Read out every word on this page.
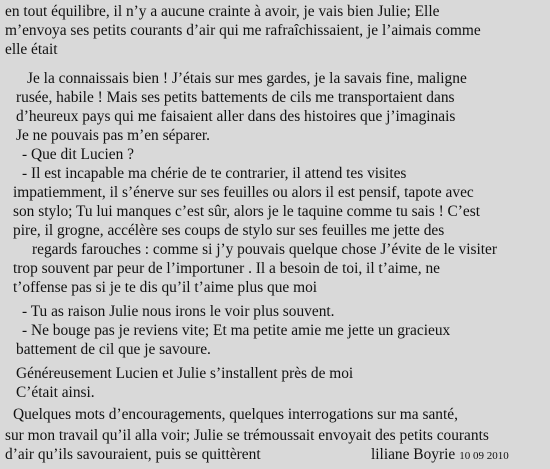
en tout équilibre, il n’y a aucune crainte à avoir, je vais bien Julie; Elle
m’envoya ses petits courants d’air qui me rafraîchissaient, je l’aimais comme
elle était
Je la connaissais bien ! J’étais sur mes gardes, je la savais fine, maligne
rusée, habile ! Mais ses petits battements de cils me transportaient dans
d’heureux pays qui me faisaient aller dans des histoires que j’imaginais
Je ne pouvais pas m’en séparer.
- Que dit Lucien ?
- Il est incapable ma chérie de te contrarier, il attend tes visites
impatiemment, il s’énerve sur ses feuilles ou alors il est pensif, tapote avec
son stylo; Tu lui manques c’est sûr, alors je le taquine comme tu sais ! C’est
pire, il grogne, accélère ses coups de stylo sur ses feuilles me jette des
regards farouches : comme si j’y pouvais quelque chose J’évite de le visiter
trop souvent par peur de l’importuner . Il a besoin de toi, il t’aime, ne
t’offense pas si je te dis qu’il t’aime plus que moi
- Tu as raison Julie nous irons le voir plus souvent.
- Ne bouge pas je reviens vite; Et ma petite amie me jette un gracieux
battement de cil que je savoure.
Généreusement Lucien et Julie s’installent près de moi
C’était ainsi.
Quelques mots d’encouragements, quelques interrogations sur ma santé,
sur mon travail qu’il alla voir; Julie se trémoussait envoyait des petits courants
d’air qu’ils savouraient, puis se quittèrent	liliane Boyrie 10 09 2010
